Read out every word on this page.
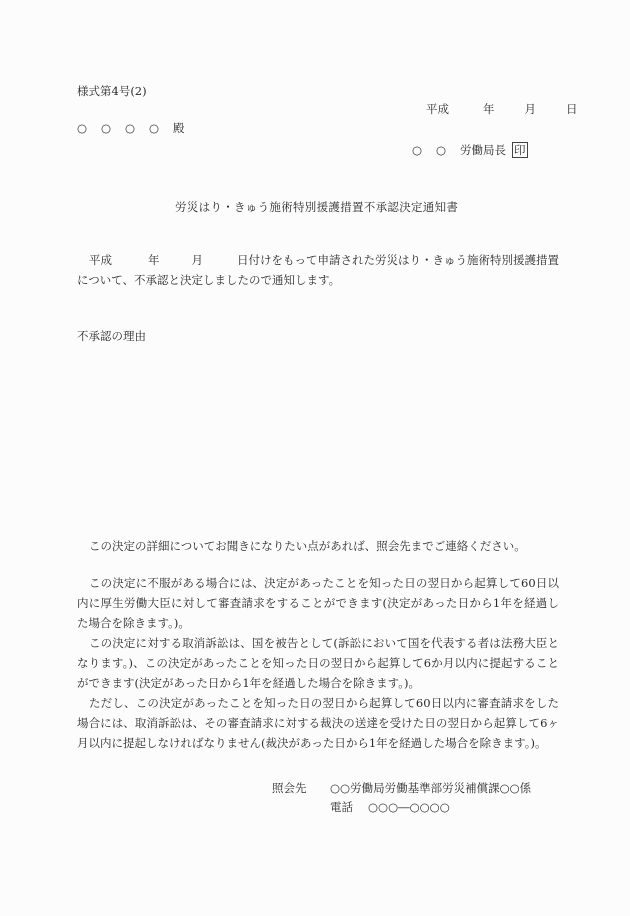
様式第4号(2)
平成	年	月	日
○ ○ ○ ○ 殿
○ ○ 労働局長 印
労災はり・きゅう施術特別援護措置不承認決定通知書
平成	年	月	日付けをもって申請された労災はり・きゅう施術特別援護措置について、不承認と決定しましたので通知します。
不承認の理由
この決定の詳細についてお聞きになりたい点があれば、照会先までご連絡ください。
この決定に不服がある場合には、決定があったことを知った日の翌日から起算して60日以内に厚生労働大臣に対して審査請求をすることができます(決定があった日から1年を経過した場合を除きます。)。
この決定に対する取消訴訟は、国を被告として(訴訟において国を代表する者は法務大臣となります。)、この決定があったことを知った日の翌日から起算して6か月以内に提起することができます(決定があった日から1年を経過した場合を除きます。)。
ただし、この決定があったことを知った日の翌日から起算して60日以内に審査請求をした場合には、取消訴訟は、その審査請求に対する裁決の送達を受けた日の翌日から起算して6ヶ月以内に提起しなければなりません(裁決があった日から1年を経過した場合を除きます。)。
照会先 ○○労働局労働基準部労災補償課○○係
電話 ○○○―○○○○
